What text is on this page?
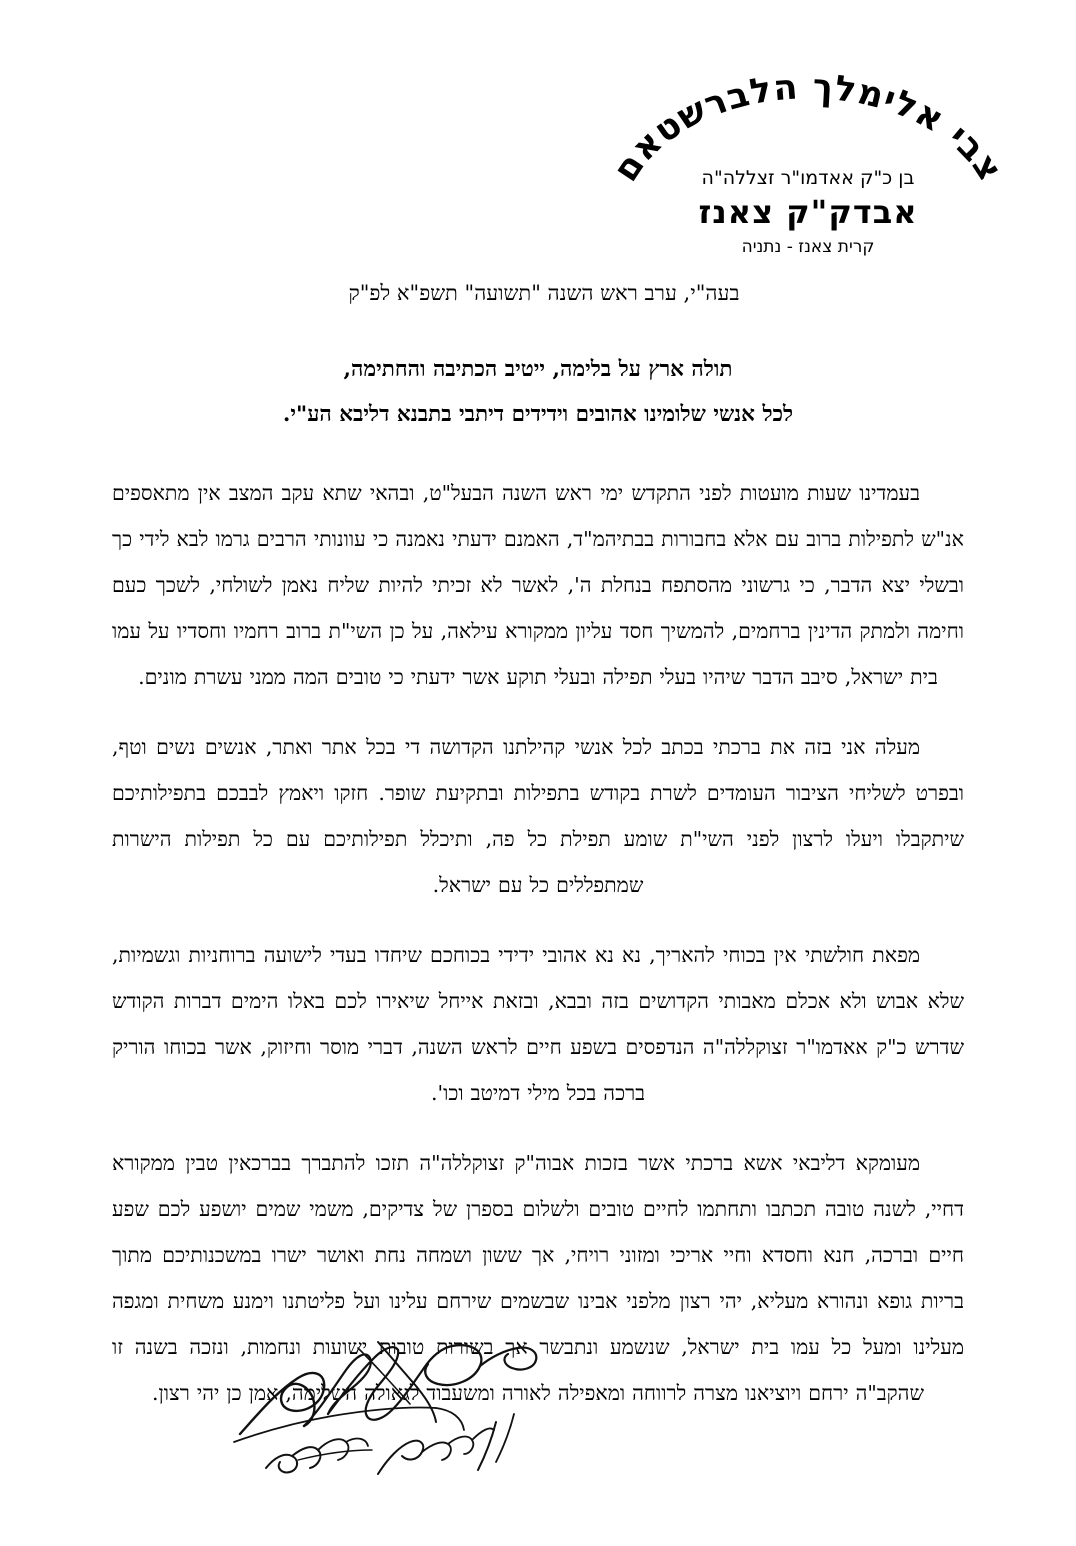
צבי אלימלך הלברשטאם
בן כ"ק אאדמו"ר זצללה"ה
אבדק"ק צאנז
קרית צאנז - נתניה
בעה"י, ערב ראש השנה "תשועה" תשפ"א לפ"ק
תולה ארץ על בלימה, ייטיב הכתיבה והחתימה,
לכל אנשי שלומינו אהובים וידידים דיתבי בתבנא דליבא הע"י.

בעמדינו שעות מועטות לפני התקדש ימי ראש השנה הבעל"ט, ובהאי שתא עקב המצב אין מתאספים אנ"ש לתפילות ברוב עם אלא בחבורות בבתיהמ"ד, האמנם ידעתי נאמנה כי עוונותי הרבים גרמו לבא לידי כך ובשלי יצא הדבר, כי גרשוני מהסתפח בנחלת ה', לאשר לא זכיתי להיות שליח נאמן לשולחי, לשכך כעם וחימה ולמתק הדינין ברחמים, להמשיך חסד עליון ממקורא עילאה, על כן השי"ת ברוב רחמיו וחסדיו על עמו בית ישראל, סיבב הדבר שיהיו בעלי תפילה ובעלי תוקע אשר ידעתי כי טובים המה ממני עשרת מונים.

מעלה אני בזה את ברכתי בכתב לכל אנשי קהילתנו הקדושה די בכל אתר ואתר, אנשים נשים וטף, ובפרט לשליחי הציבור העומדים לשרת בקודש בתפילות ובתקיעת שופר. חזקו ויאמץ לבבכם בתפילותיכם שיתקבלו ויעלו לרצון לפני השי"ת שומע תפילת כל פה, ותיכלל תפילותיכם עם כל תפילות הישרות שמתפללים כל עם ישראל.

מפאת חולשתי אין בכוחי להאריך, נא נא אהובי ידידי בכוחכם שיחדו בעדי לישועה ברוחניות וגשמיות, שלא אבוש ולא אכלם מאבותי הקדושים בזה ובבא, ובזאת אייחל שיאירו לכם באלו הימים דברות הקודש שדרש כ"ק אאדמו"ר זצוקללה"ה הנדפסים בשפע חיים לראש השנה, דברי מוסר וחיזוק, אשר בכוחו הוריק ברכה בכל מילי דמיטב וכו'.

מעומקא דליבאי אשא ברכתי אשר בזכות אבוה"ק זצוקללה"ה תזכו להתברך בברכאין טבין ממקורא דחיי, לשנה טובה תכתבו ותחתמו לחיים טובים ולשלום בספרן של צדיקים, משמי שמים יושפע לכם שפע חיים וברכה, חנא וחסדא וחיי אריכי ומזוני רויחי, אך ששון ושמחה נחת ואושר ישרו במשכנותיכם מתוך בריות גופא ונהורא מעליא, יהי רצון מלפני אבינו שבשמים שירחם עלינו ועל פליטתנו וימנע משחית ומגפה מעלינו ומעל כל עמו בית ישראל, שנשמע ונתבשר אך בשורות טובות ישועות ונחמות, ונזכה בשנה זו שהקב"ה ירחם ויוציאנו מצרה לרווחה ומאפילה לאורה ומשעבוד לגאולה השלימה, אמן כן יהי רצון.
